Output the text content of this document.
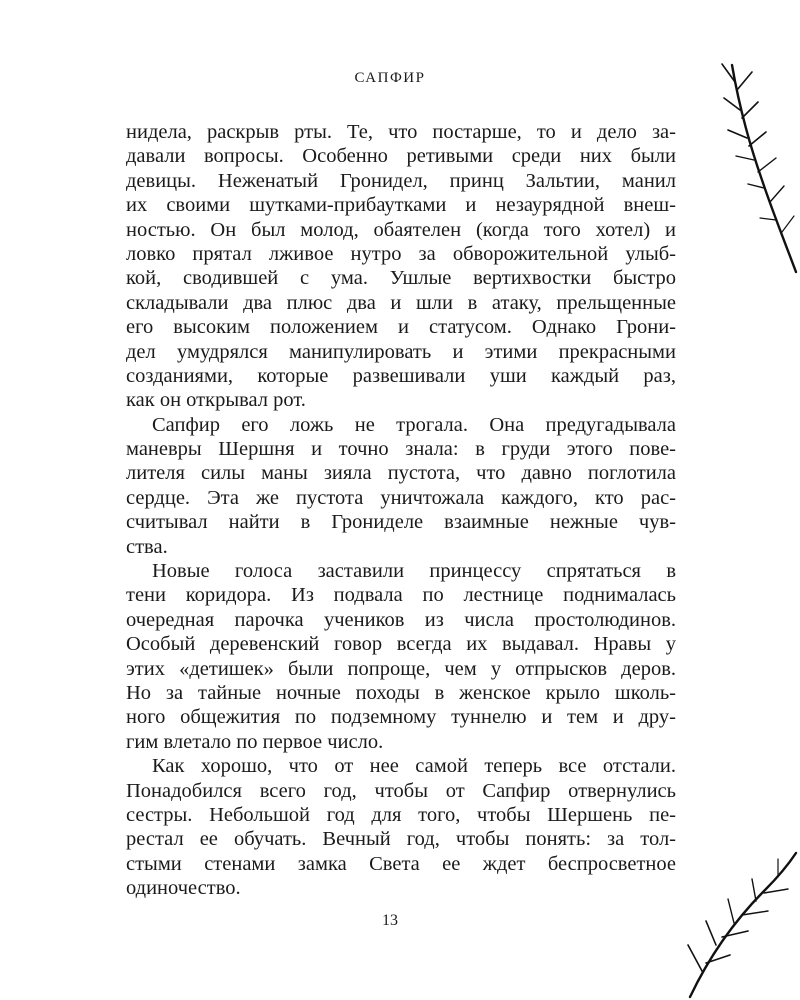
САПФИР
нидела, раскрыв рты. Те, что постарше, то и дело за-
давали вопросы. Особенно ретивыми среди них были
девицы. Неженатый Гронидел, принц Зальтии, манил
их своими шутками-прибаутками и незаурядной внеш-
ностью. Он был молод, обаятелен (когда того хотел) и
ловко прятал лживое нутро за обворожительной улыб-
кой, сводившей с ума. Ушлые вертихвостки быстро
складывали два плюс два и шли в атаку, прельщенные
его высоким положением и статусом. Однако Грони-
дел умудрялся манипулировать и этими прекрасными
созданиями, которые развешивали уши каждый раз,
как он открывал рот.
Сапфир его ложь не трогала. Она предугадывала
маневры Шершня и точно знала: в груди этого пове-
лителя силы маны зияла пустота, что давно поглотила
сердце. Эта же пустота уничтожала каждого, кто рас-
считывал найти в Грониделе взаимные нежные чув-
ства.
Новые голоса заставили принцессу спрятаться в
тени коридора. Из подвала по лестнице поднималась
очередная парочка учеников из числа простолюдинов.
Особый деревенский говор всегда их выдавал. Нравы у
этих «детишек» были попроще, чем у отпрысков деров.
Но за тайные ночные походы в женское крыло школь-
ного общежития по подземному туннелю и тем и дру-
гим влетало по первое число.
Как хорошо, что от нее самой теперь все отстали.
Понадобился всего год, чтобы от Сапфир отвернулись
сестры. Небольшой год для того, чтобы Шершень пе-
рестал ее обучать. Вечный год, чтобы понять: за тол-
стыми стенами замка Света ее ждет беспросветное
одиночество.
13
